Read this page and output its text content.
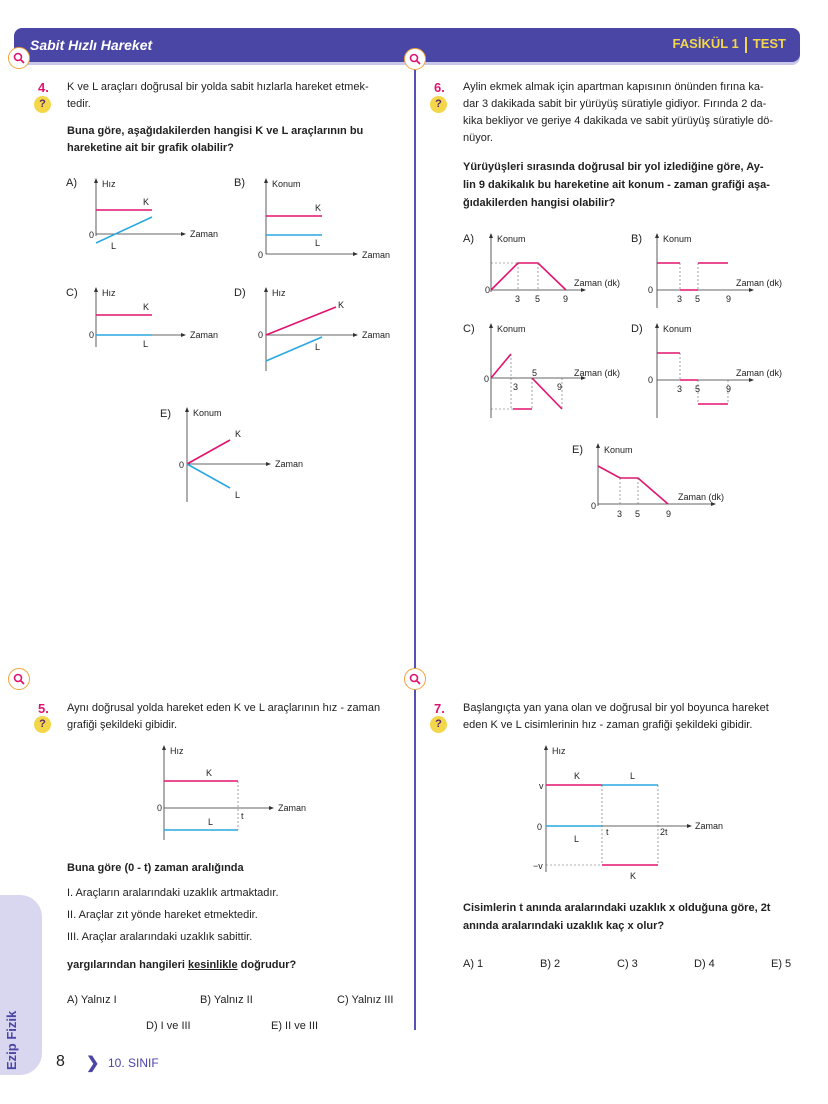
Sabit Hızlı Hareket	FASİKÜL 1 TEST
4.
?
K ve L araçları doğrusal bir yolda sabit hızlarla hareket etmek-
tedir.
Buna göre, aşağıdakilerden hangisi K ve L araçlarının bu
hareketine ait bir grafik olabilir?
A)	Hız
K
L
0	Zaman
B)	Konum
K
L
0	Zaman
C)	Hız
K
L
0	Zaman
D)	Hız
K
L
0	Zaman
E) Konum
K
L
0	Zaman
6.
?
Aylin ekmek almak için apartman kapısının önünden fırına ka-
dar 3 dakikada sabit bir yürüyüş süratiyle gidiyor. Fırında 2 da-
kika bekliyor ve geriye 4 dakikada ve sabit yürüyüş süratiyle dö-
nüyor.
Yürüyüşleri sırasında doğrusal bir yol izlediğine göre, Ay-
lin 9 dakikalık bu hareketine ait konum - zaman grafiği aşa-
ğıdakilerden hangisi olabilir?
A)	Konum
0
3 5	9
Zaman (dk)
B) Konum
0
3 5	9
Zaman (dk)
C) Konum
0
3
5
9
Zaman (dk)
D) Konum
0
3 5	9
Zaman (dk)
E) Konum
0
3 5	9
Zaman (dk)
5.
?
Aynı doğrusal yolda hareket eden K ve L araçlarının hız - zaman
grafiği şekildeki gibidir.
Hız
K
L
0
t
Zaman
Buna göre (0 - t) zaman aralığında
I. Araçların aralarındaki uzaklık artmaktadır.
II. Araçlar zıt yönde hareket etmektedir.
III. Araçlar aralarındaki uzaklık sabittir.
yargılarından hangileri kesinlikle doğrudur?
A) Yalnız I	B) Yalnız II	C) Yalnız III
D) I ve III	E) II ve III
7.
?
Başlangıçta yan yana olan ve doğrusal bir yol boyunca hareket
eden K ve L cisimlerinin hız - zaman grafiği şekildeki gibidir.
Hız
v
0
−v
K	L
L
K
t	2t
Zaman
Cisimlerin t anında aralarındaki uzaklık x olduğuna göre, 2t
anında aralarındaki uzaklık kaç x olur?
A) 1	B) 2	C) 3	D) 4	E) 5
Ezip Fizik 8 ❯ 10. SINIF
